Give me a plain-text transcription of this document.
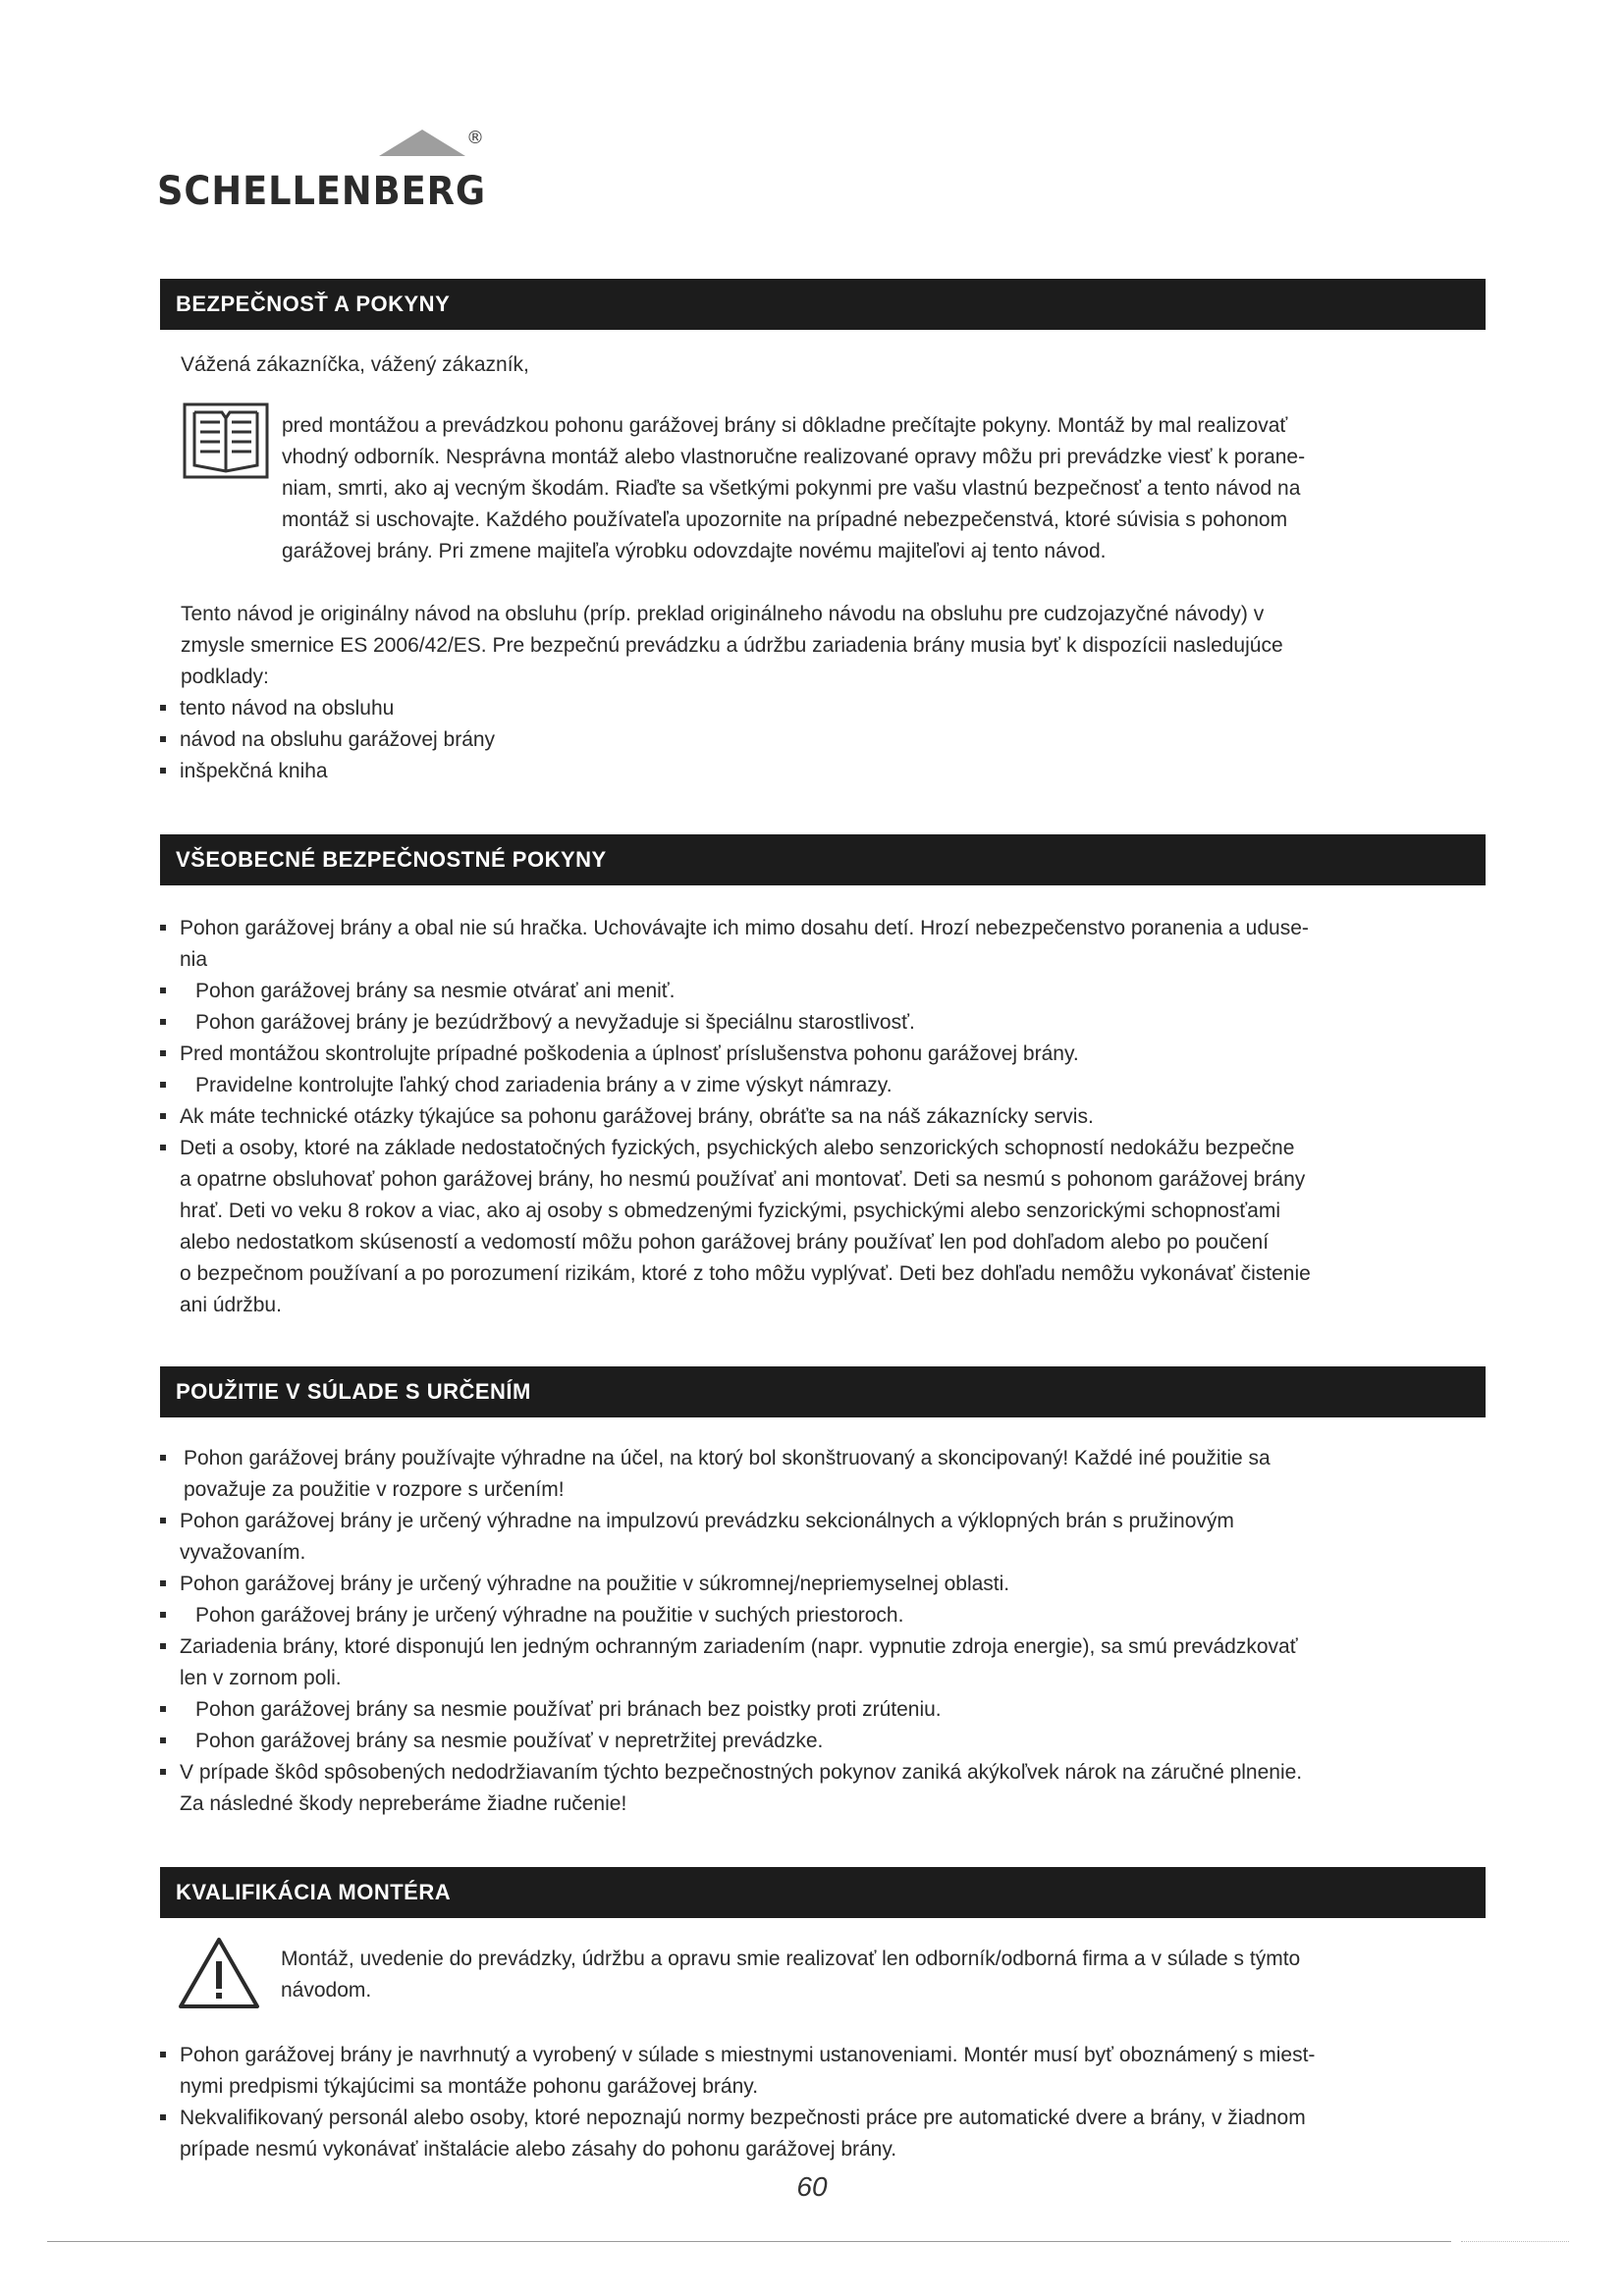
®
SCHELLENBERG
BEZPEČNOSŤ A POKYNY
Vážená zákazníčka, vážený zákazník,
pred montážou a prevádzkou pohonu garážovej brány si dôkladne prečítajte pokyny. Montáž by mal realizovať
vhodný odborník. Nesprávna montáž alebo vlastnoručne realizované opravy môžu pri prevádzke viesť k porane-
niam, smrti, ako aj vecným škodám. Riaďte sa všetkými pokynmi pre vašu vlastnú bezpečnosť a tento návod na
montáž si uschovajte. Každého používateľa upozornite na prípadné nebezpečenstvá, ktoré súvisia s pohonom
garážovej brány. Pri zmene majiteľa výrobku odovzdajte novému majiteľovi aj tento návod.
Tento návod je originálny návod na obsluhu (príp. preklad originálneho návodu na obsluhu pre cudzojazyčné návody) v
zmysle smernice ES 2006/42/ES. Pre bezpečnú prevádzku a údržbu zariadenia brány musia byť k dispozícii nasledujúce
podklady:
tento návod na obsluhu
návod na obsluhu garážovej brány
inšpekčná kniha
VŠEOBECNÉ BEZPEČNOSTNÉ POKYNY
Pohon garážovej brány a obal nie sú hračka. Uchovávajte ich mimo dosahu detí. Hrozí nebezpečenstvo poranenia a uduse-
nia
Pohon garážovej brány sa nesmie otvárať ani meniť.
Pohon garážovej brány je bezúdržbový a nevyžaduje si špeciálnu starostlivosť.
Pred montážou skontrolujte prípadné poškodenia a úplnosť príslušenstva pohonu garážovej brány.
Pravidelne kontrolujte ľahký chod zariadenia brány a v zime výskyt námrazy.
Ak máte technické otázky týkajúce sa pohonu garážovej brány, obráťte sa na náš zákaznícky servis.
Deti a osoby, ktoré na základe nedostatočných fyzických, psychických alebo senzorických schopností nedokážu bezpečne
a opatrne obsluhovať pohon garážovej brány, ho nesmú používať ani montovať. Deti sa nesmú s pohonom garážovej brány
hrať. Deti vo veku 8 rokov a viac, ako aj osoby s obmedzenými fyzickými, psychickými alebo senzorickými schopnosťami
alebo nedostatkom skúseností a vedomostí môžu pohon garážovej brány používať len pod dohľadom alebo po poučení
o bezpečnom používaní a po porozumení rizikám, ktoré z toho môžu vyplývať. Deti bez dohľadu nemôžu vykonávať čistenie
ani údržbu.
POUŽITIE V SÚLADE S URČENÍM
Pohon garážovej brány používajte výhradne na účel, na ktorý bol skonštruovaný a skoncipovaný! Každé iné použitie sa
považuje za použitie v rozpore s určením!
Pohon garážovej brány je určený výhradne na impulzovú prevádzku sekcionálnych a výklopných brán s pružinovým
vyvažovaním.
Pohon garážovej brány je určený výhradne na použitie v súkromnej/nepriemyselnej oblasti.
Pohon garážovej brány je určený výhradne na použitie v suchých priestoroch.
Zariadenia brány, ktoré disponujú len jedným ochranným zariadením (napr. vypnutie zdroja energie), sa smú prevádzkovať
len v zornom poli.
Pohon garážovej brány sa nesmie používať pri bránach bez poistky proti zrúteniu.
Pohon garážovej brány sa nesmie používať v nepretržitej prevádzke.
V prípade škôd spôsobených nedodržiavaním týchto bezpečnostných pokynov zaniká akýkoľvek nárok na záručné plnenie.
Za následné škody nepreberáme žiadne ručenie!
KVALIFIKÁCIA MONTÉRA
Montáž, uvedenie do prevádzky, údržbu a opravu smie realizovať len odborník/odborná firma a v súlade s týmto
návodom.
Pohon garážovej brány je navrhnutý a vyrobený v súlade s miestnymi ustanoveniami. Montér musí byť oboznámený s miest-
nymi predpismi týkajúcimi sa montáže pohonu garážovej brány.
Nekvalifikovaný personál alebo osoby, ktoré nepoznajú normy bezpečnosti práce pre automatické dvere a brány, v žiadnom
prípade nesmú vykonávať inštalácie alebo zásahy do pohonu garážovej brány.
60
